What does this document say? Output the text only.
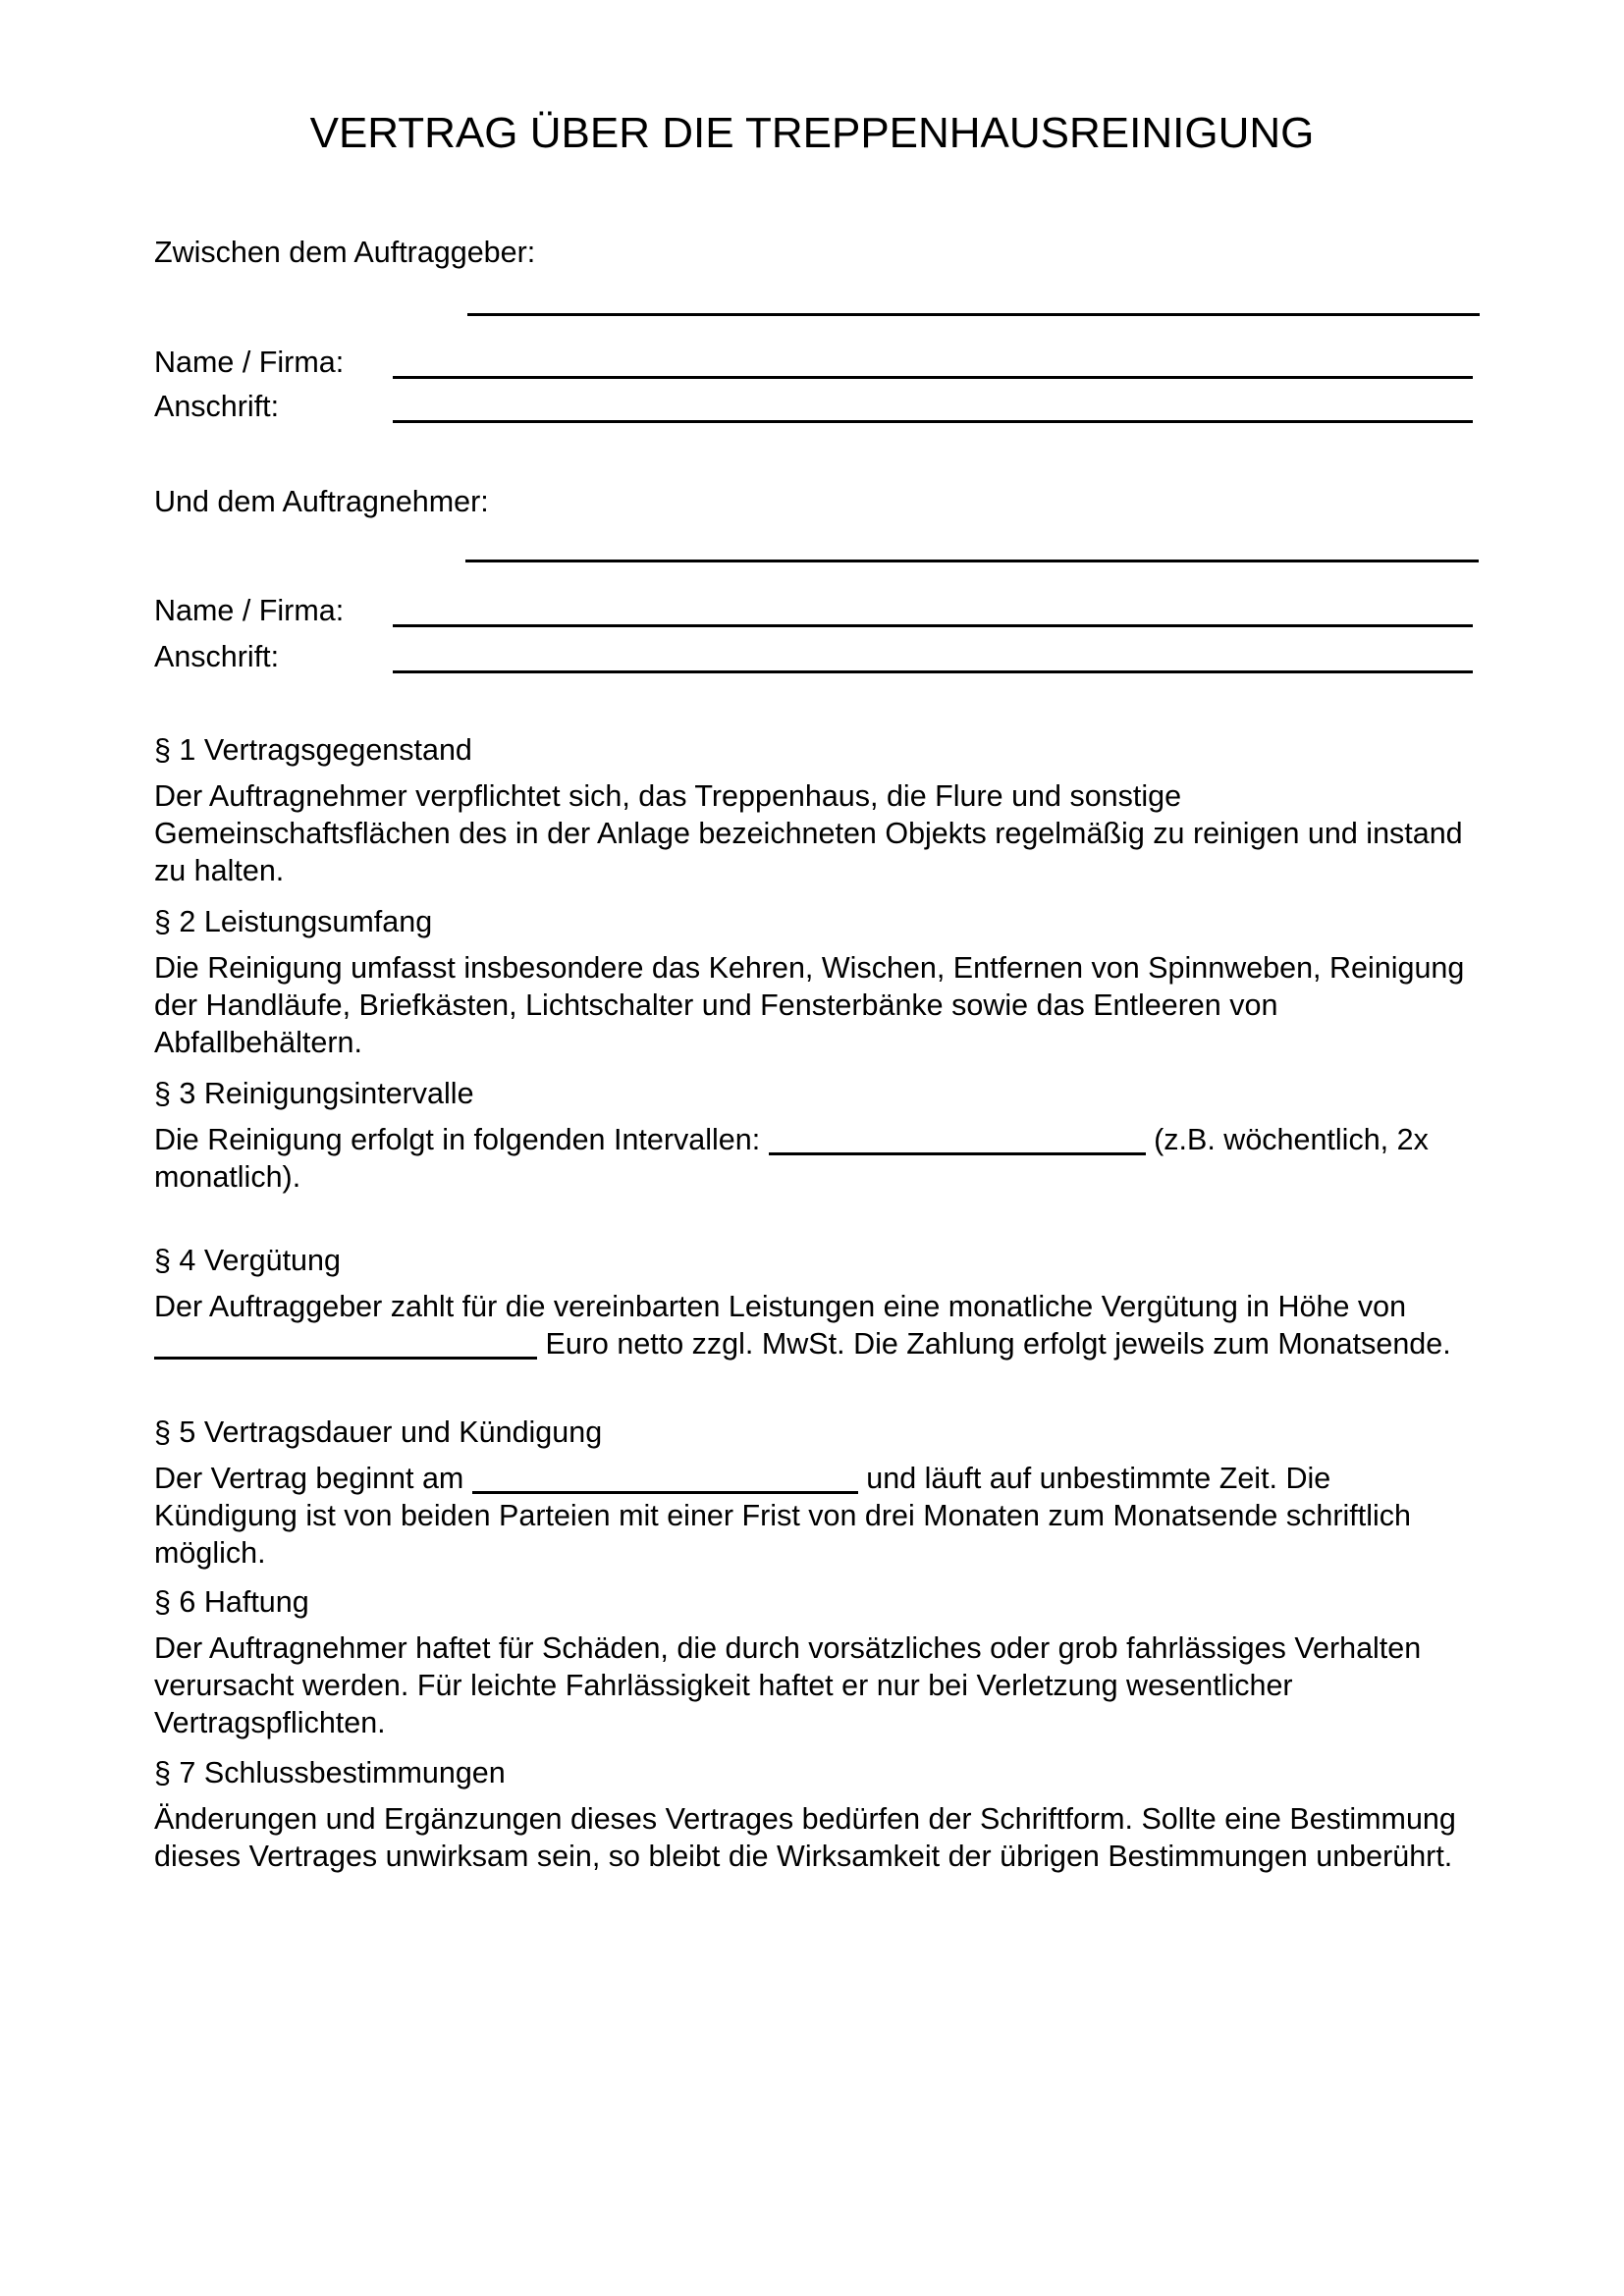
VERTRAG ÜBER DIE TREPPENHAUSREINIGUNG
Zwischen dem Auftraggeber:
Name / Firma:
Anschrift:
Und dem Auftragnehmer:
Name / Firma:
Anschrift:
§ 1 Vertragsgegenstand

Der Auftragnehmer verpflichtet sich, das Treppenhaus, die Flure und sonstige Gemeinschaftsflächen des in der Anlage bezeichneten Objekts regelmäßig zu reinigen und instand zu halten.

§ 2 Leistungsumfang

Die Reinigung umfasst insbesondere das Kehren, Wischen, Entfernen von Spinnweben, Reinigung der Handläufe, Briefkästen, Lichtschalter und Fensterbänke sowie das Entleeren von Abfallbehältern.

§ 3 Reinigungsintervalle

Die Reinigung erfolgt in folgenden Intervallen:	(z.B. wöchentlich, 2x monatlich).

§ 4 Vergütung

Der Auftraggeber zahlt für die vereinbarten Leistungen eine monatliche Vergütung in Höhe von  Euro netto zzgl. MwSt. Die Zahlung erfolgt jeweils zum Monatsende.

§ 5 Vertragsdauer und Kündigung

Der Vertrag beginnt am	und läuft auf unbestimmte Zeit. Die Kündigung ist von beiden Parteien mit einer Frist von drei Monaten zum Monatsende schriftlich möglich.

§ 6 Haftung

Der Auftragnehmer haftet für Schäden, die durch vorsätzliches oder grob fahrlässiges Verhalten verursacht werden. Für leichte Fahrlässigkeit haftet er nur bei Verletzung wesentlicher Vertragspflichten.

§ 7 Schlussbestimmungen

Änderungen und Ergänzungen dieses Vertrages bedürfen der Schriftform. Sollte eine Bestimmung dieses Vertrages unwirksam sein, so bleibt die Wirksamkeit der übrigen Bestimmungen unberührt.
